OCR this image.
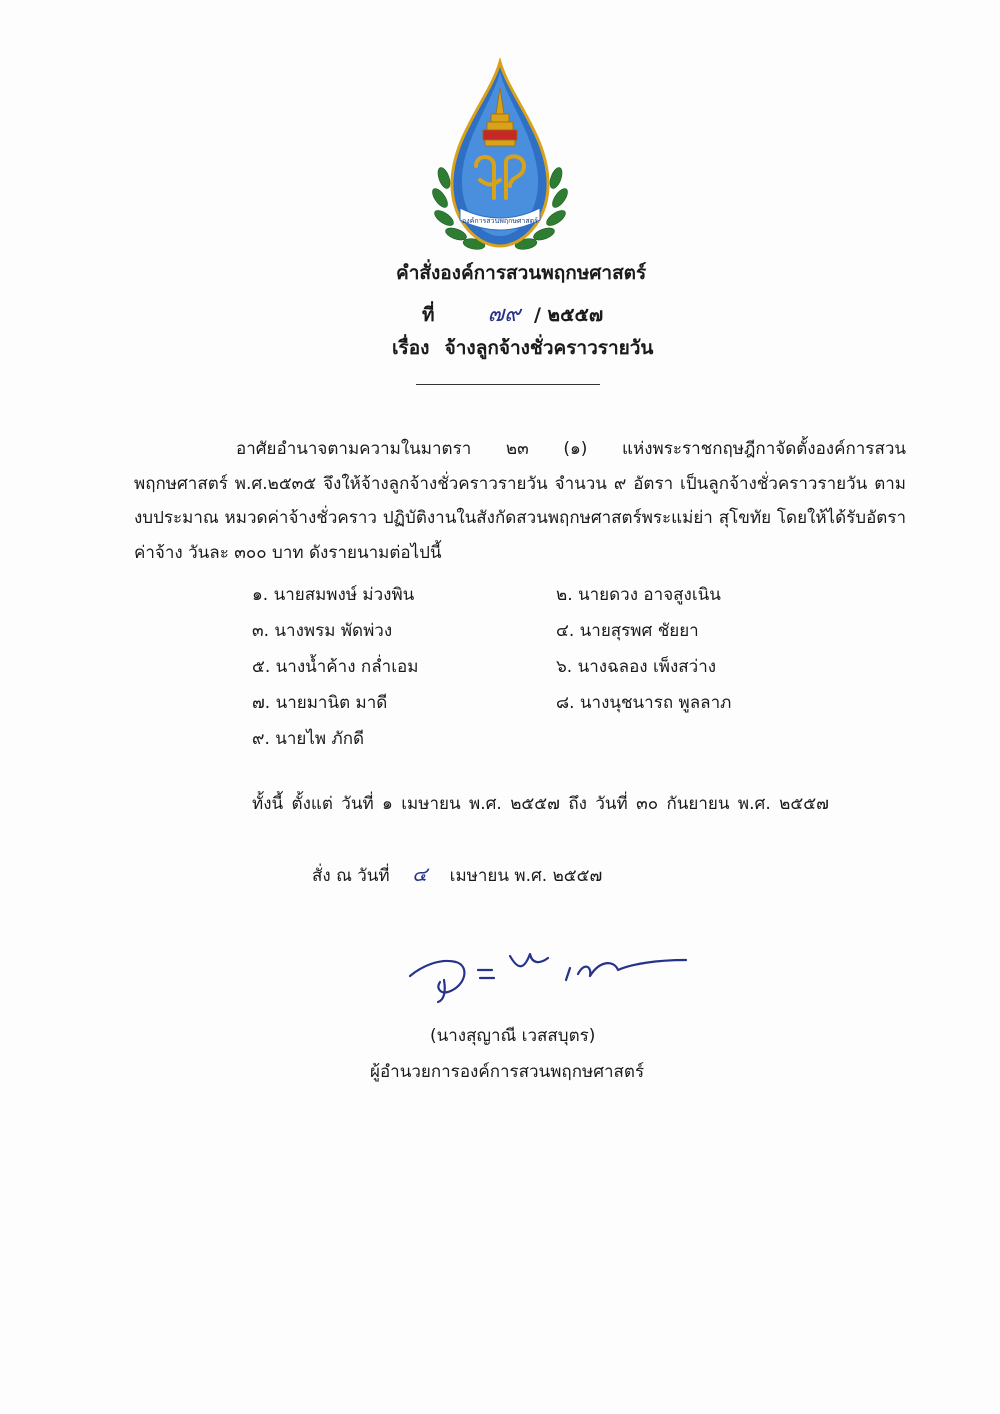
องค์การสวนพฤกษศาสตร์
คำสั่งองค์การสวนพฤกษศาสตร์
ที่ ๗๙ / ๒๕๕๗
เรื่อง จ้างลูกจ้างชั่วคราวรายวัน
อาศัยอำนาจตามความในมาตรา ๒๓ (๑) แห่งพระราชกฤษฎีกาจัดตั้งองค์การสวนพฤกษศาสตร์ พ.ศ.๒๕๓๕ จึงให้จ้างลูกจ้างชั่วคราวรายวัน จำนวน ๙ อัตรา เป็นลูกจ้างชั่วคราวรายวัน ตามงบประมาณ หมวดค่าจ้างชั่วคราว ปฏิบัติงานในสังกัดสวนพฤกษศาสตร์พระแม่ย่า สุโขทัย โดยให้ได้รับอัตราค่าจ้าง วันละ ๓๐๐ บาท ดังรายนามต่อไปนี้
๑. นายสมพงษ์ ม่วงพิน	๒. นายดวง อาจสูงเนิน
๓. นางพรม พัดพ่วง	๔. นายสุรพศ ชัยยา
๕. นางน้ำค้าง กล่ำเอม	๖. นางฉลอง เพ็งสว่าง
๗. นายมานิต มาดี	๘. นางนุชนารถ พูลลาภ
๙. นายไพ ภักดี
ทั้งนี้ ตั้งแต่ วันที่ ๑ เมษายน พ.ศ. ๒๕๕๗ ถึง วันที่ ๓๐ กันยายน พ.ศ. ๒๕๕๗
สั่ง ณ วันที่ ๔ เมษายน พ.ศ. ๒๕๕๗
(นางสุญาณี เวสสบุตร)
ผู้อำนวยการองค์การสวนพฤกษศาสตร์
